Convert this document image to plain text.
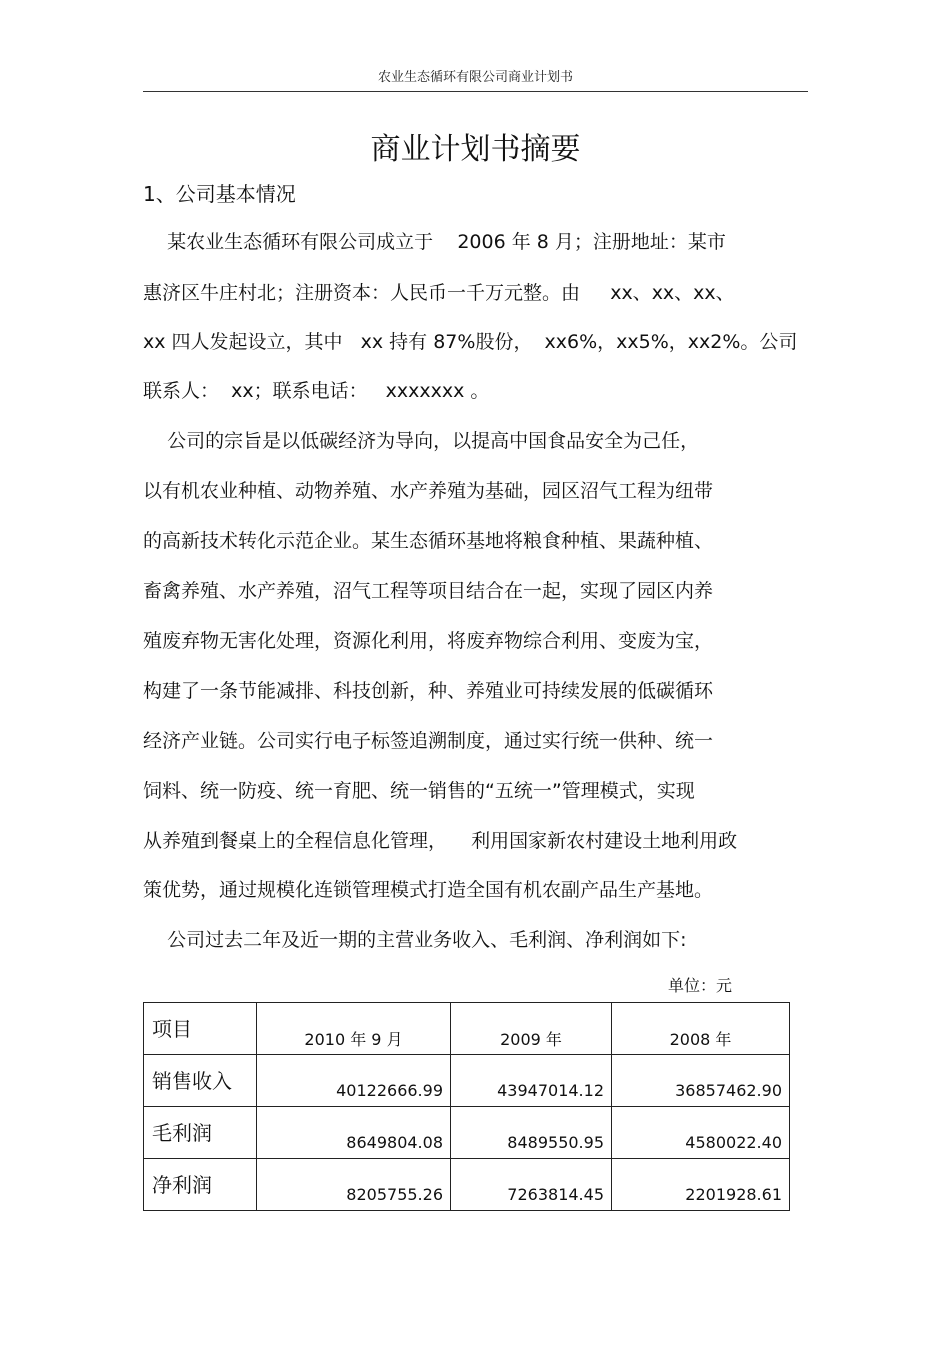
农业生态循环有限公司商业计划书
商业计划书摘要
1、公司基本情况

某农业生态循环有限公司成立于    2006 年 8 月；注册地址：某市

惠济区牛庄村北；注册资本：人民币一千万元整。由     xx、xx、xx、

xx 四人发起设立，其中   xx 持有 87%股份，  xx6%，xx5%，xx2%。公司

联系人：  xx；联系电话：   xxxxxxx 。

公司的宗旨是以低碳经济为导向，以提高中国食品安全为己任，

以有机农业种植、动物养殖、水产养殖为基础，园区沼气工程为纽带

的高新技术转化示范企业。某生态循环基地将粮食种植、果蔬种植、

畜禽养殖、水产养殖，沼气工程等项目结合在一起，实现了园区内养

殖废弃物无害化处理，资源化利用，将废弃物综合利用、变废为宝，

构建了一条节能减排、科技创新，种、养殖业可持续发展的低碳循环

经济产业链。公司实行电子标签追溯制度，通过实行统一供种、统一

饲料、统一防疫、统一育肥、统一销售的“五统一”管理模式，实现

从养殖到餐桌上的全程信息化管理，    利用国家新农村建设土地利用政

策优势，通过规模化连锁管理模式打造全国有机农副产品生产基地。

公司过去二年及近一期的主营业务收入、毛利润、净利润如下:

单位：元
项目	2010 年 9 月	2009 年	2008 年
销售收入	40122666.99	43947014.12	36857462.90
毛利润	8649804.08	8489550.95	4580022.40
净利润	8205755.26	7263814.45	2201928.61
